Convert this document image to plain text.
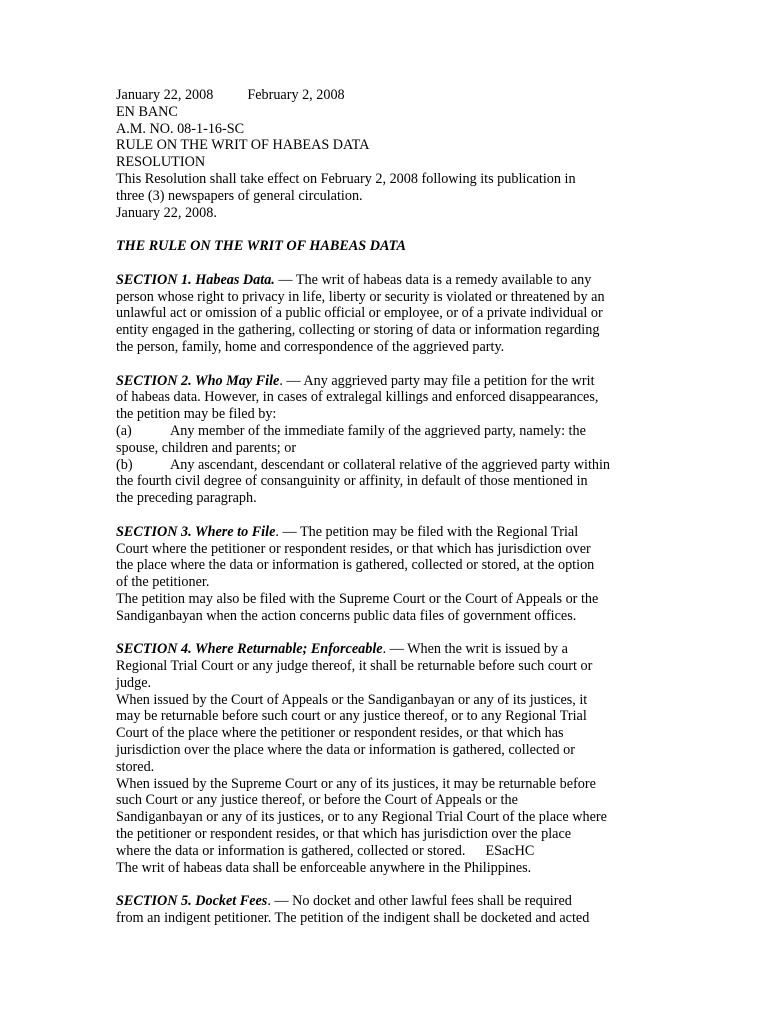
January 22, 2008 February 2, 2008

EN BANC

A.M. NO. 08-1-16-SC

RULE ON THE WRIT OF HABEAS DATA

RESOLUTION

This Resolution shall take effect on February 2, 2008 following its publication in

three (3) newspapers of general circulation.

January 22, 2008.

THE RULE ON THE WRIT OF HABEAS DATA

SECTION 1. Habeas Data. — The writ of habeas data is a remedy available to any

person whose right to privacy in life, liberty or security is violated or threatened by an

unlawful act or omission of a public official or employee, or of a private individual or

entity engaged in the gathering, collecting or storing of data or information regarding

the person, family, home and correspondence of the aggrieved party.

SECTION 2. Who May File. — Any aggrieved party may file a petition for the writ

of habeas data. However, in cases of extralegal killings and enforced disappearances,

the petition may be filed by:

(a)	Any member of the immediate family of the aggrieved party, namely: the

spouse, children and parents; or

(b)	Any ascendant, descendant or collateral relative of the aggrieved party within

the fourth civil degree of consanguinity or affinity, in default of those mentioned in

the preceding paragraph.

SECTION 3. Where to File. — The petition may be filed with the Regional Trial

Court where the petitioner or respondent resides, or that which has jurisdiction over

the place where the data or information is gathered, collected or stored, at the option

of the petitioner.

The petition may also be filed with the Supreme Court or the Court of Appeals or the

Sandiganbayan when the action concerns public data files of government offices.

SECTION 4. Where Returnable; Enforceable. — When the writ is issued by a

Regional Trial Court or any judge thereof, it shall be returnable before such court or

judge.

When issued by the Court of Appeals or the Sandiganbayan or any of its justices, it

may be returnable before such court or any justice thereof, or to any Regional Trial

Court of the place where the petitioner or respondent resides, or that which has

jurisdiction over the place where the data or information is gathered, collected or

stored.

When issued by the Supreme Court or any of its justices, it may be returnable before

such Court or any justice thereof, or before the Court of Appeals or the

Sandiganbayan or any of its justices, or to any Regional Trial Court of the place where

the petitioner or respondent resides, or that which has jurisdiction over the place

where the data or information is gathered, collected or stored. ESacHC

The writ of habeas data shall be enforceable anywhere in the Philippines.

SECTION 5. Docket Fees. — No docket and other lawful fees shall be required

from an indigent petitioner. The petition of the indigent shall be docketed and acted
